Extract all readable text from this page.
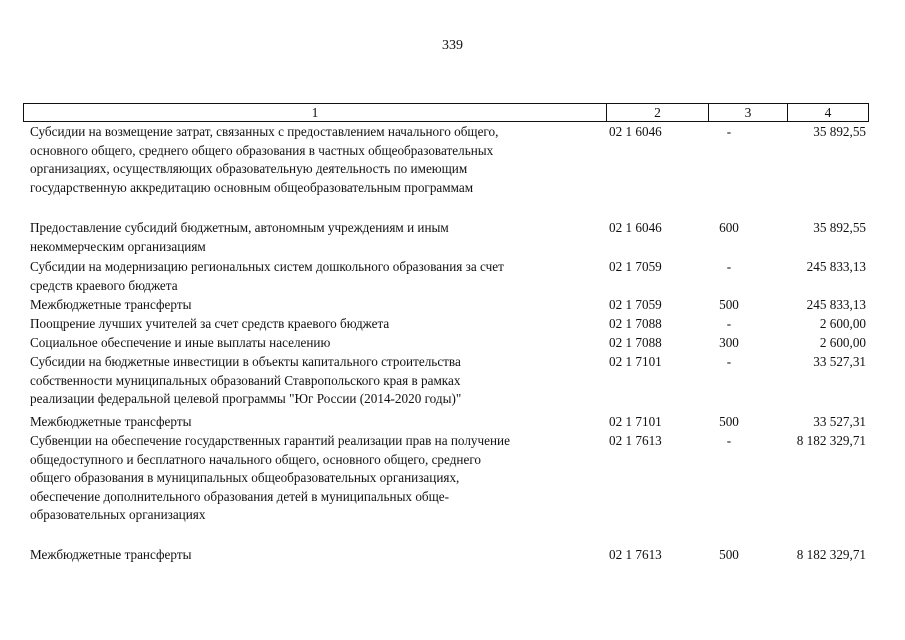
339
1	2	3	4
Субсидии на возмещение затрат, связанных с предоставлением начального общего,
основного общего, среднего общего образования в частных общеобразовательных
организациях, осуществляющих образовательную деятельность по имеющим
государственную аккредитацию основным общеобразовательным программам
02 1 6046	-	35 892,55
Предоставление субсидий бюджетным, автономным учреждениям и иным
некоммерческим организациям
02 1 6046	600	35 892,55
Субсидии на модернизацию региональных систем дошкольного образования за счет
средств краевого бюджета
02 1 7059	-	245 833,13
Межбюджетные трансферты	02 1 7059	500	245 833,13
Поощрение лучших учителей за счет средств краевого бюджета	02 1 7088	-	2 600,00
Социальное обеспечение и иные выплаты населению	02 1 7088	300	2 600,00
Субсидии на бюджетные инвестиции в объекты капитального строительства
собственности муниципальных образований Ставропольского края в рамках
реализации федеральной целевой программы "Юг России (2014-2020 годы)"
02 1 7101	-	33 527,31
Межбюджетные трансферты	02 1 7101	500	33 527,31
Субвенции на обеспечение государственных гарантий реализации прав на получение
общедоступного и бесплатного начального общего, основного общего, среднего
общего образования в муниципальных общеобразовательных организациях,
обеспечение дополнительного образования детей в муниципальных обще-
образовательных организациях
02 1 7613	-	8 182 329,71
Межбюджетные трансферты	02 1 7613	500	8 182 329,71
